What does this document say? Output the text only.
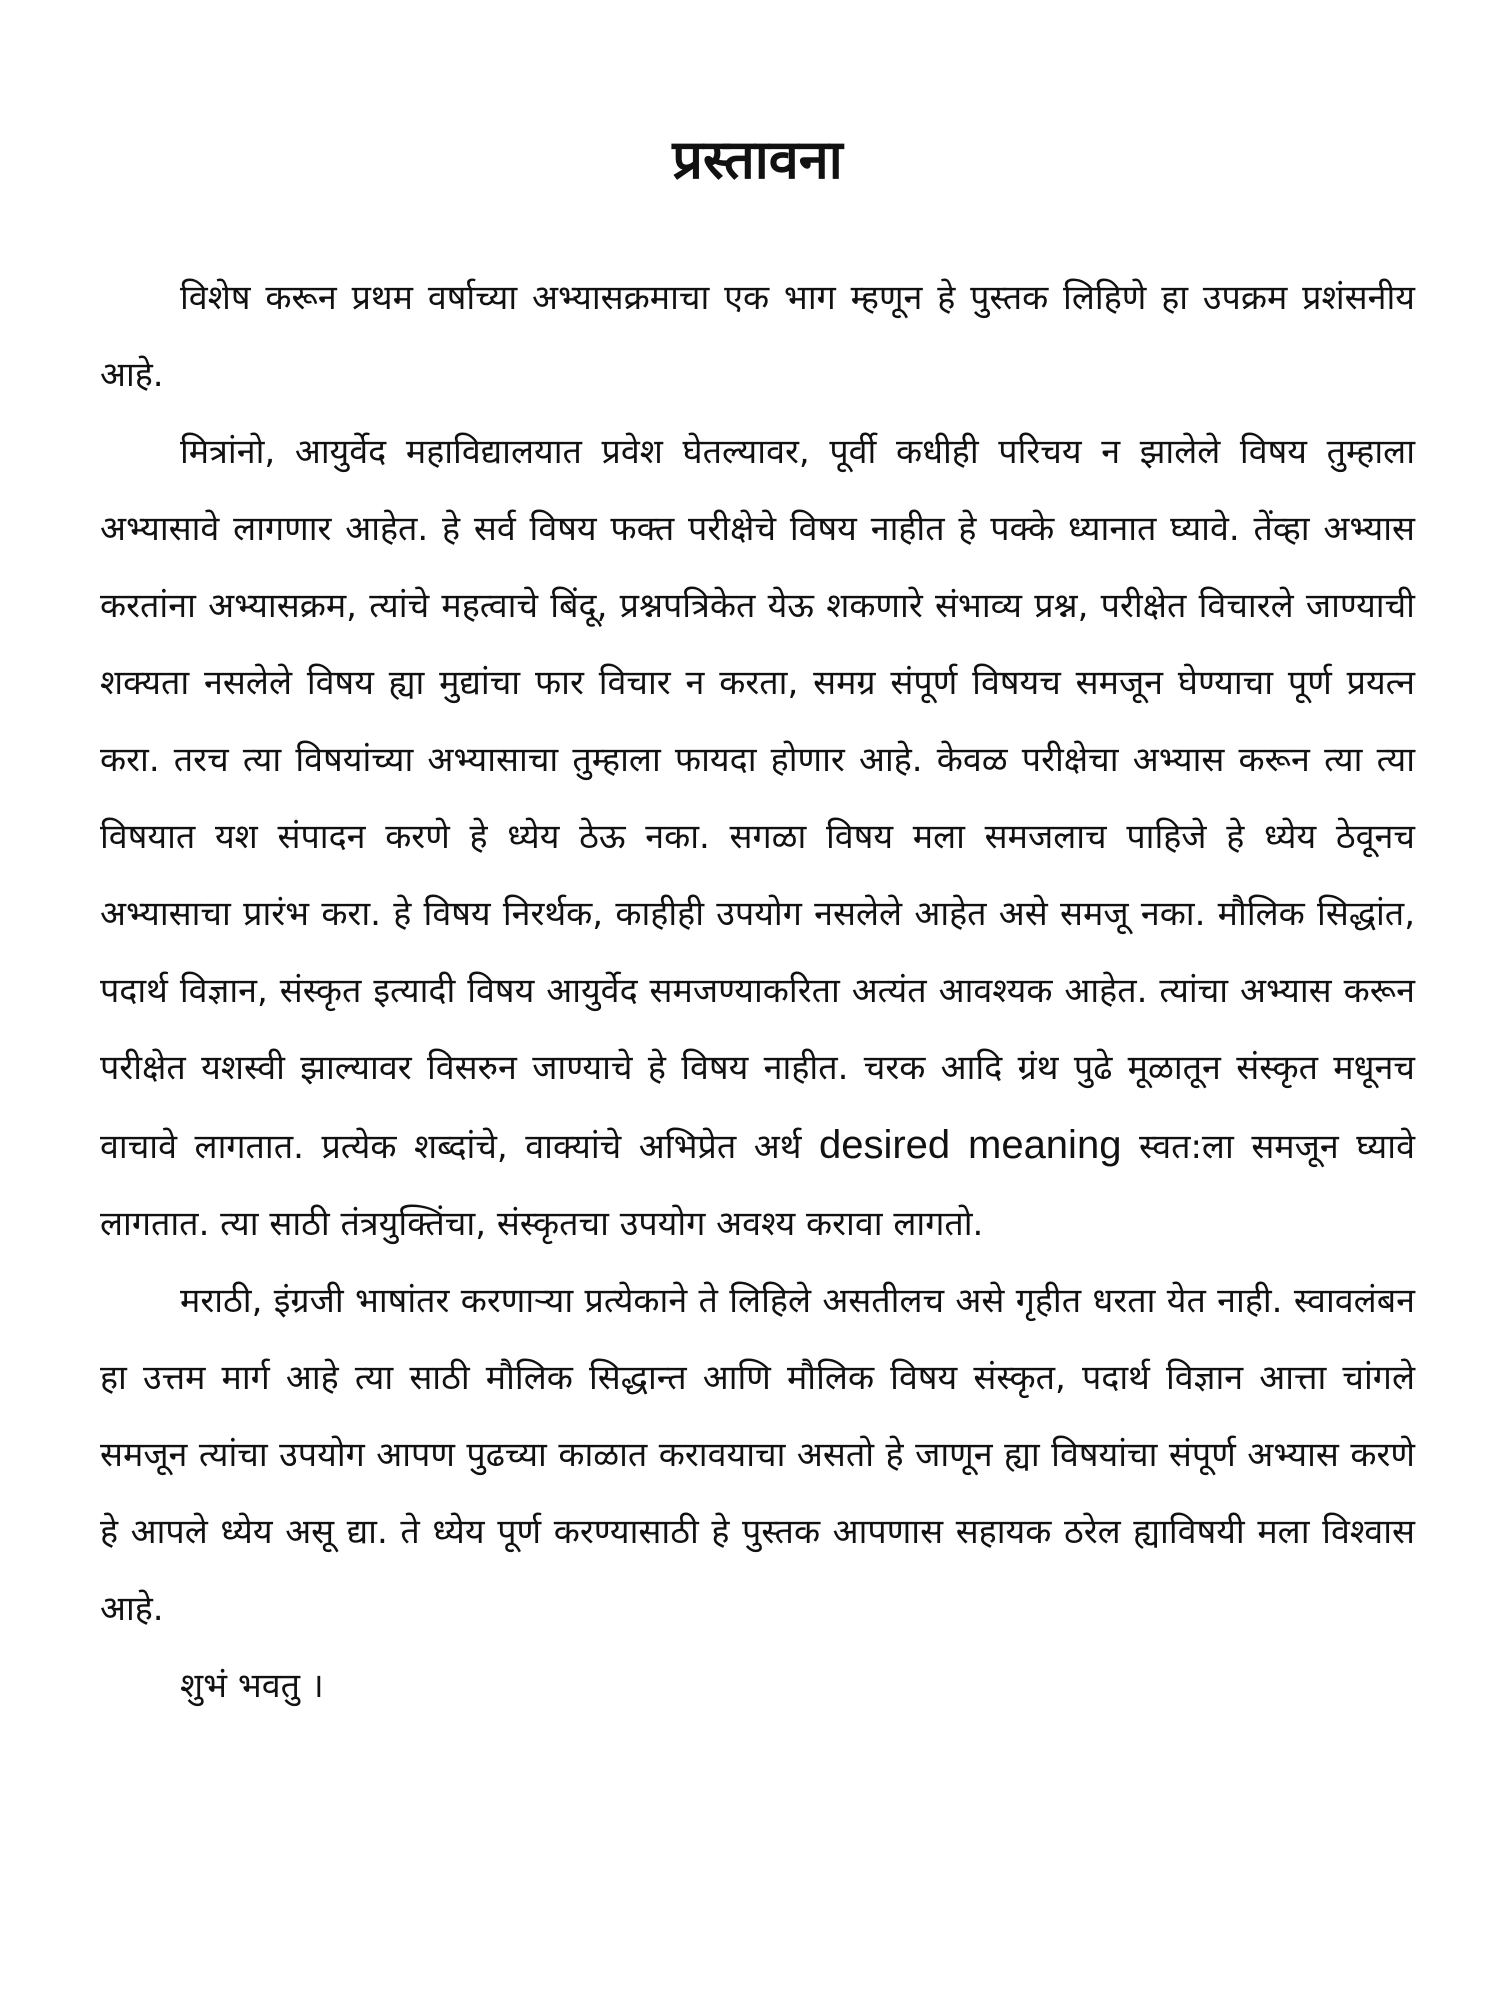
प्रस्तावना

विशेष करून प्रथम वर्षाच्या अभ्यासक्रमाचा एक भाग म्हणून हे पुस्तक लिहिणे हा उपक्रम प्रशंसनीय आहे.

मित्रांनो, आयुर्वेद महाविद्यालयात प्रवेश घेतल्यावर, पूर्वी कधीही परिचय न झालेले विषय तुम्हाला अभ्यासावे लागणार आहेत. हे सर्व विषय फक्त परीक्षेचे विषय नाहीत हे पक्के ध्यानात घ्यावे. तेंव्हा अभ्यास करतांना अभ्यासक्रम, त्यांचे महत्वाचे बिंदू, प्रश्नपत्रिकेत येऊ शकणारे संभाव्य प्रश्न, परीक्षेत विचारले जाण्याची शक्यता नसलेले विषय ह्या मुद्यांचा फार विचार न करता, समग्र संपूर्ण विषयच समजून घेण्याचा पूर्ण प्रयत्न करा. तरच त्या विषयांच्या अभ्यासाचा तुम्हाला फायदा होणार आहे. केवळ परीक्षेचा अभ्यास करून त्या त्या विषयात यश संपादन करणे हे ध्येय ठेऊ नका. सगळा विषय मला समजलाच पाहिजे हे ध्येय ठेवूनच अभ्यासाचा प्रारंभ करा. हे विषय निरर्थक, काहीही उपयोग नसलेले आहेत असे समजू नका. मौलिक सिद्धांत, पदार्थ विज्ञान, संस्कृत इत्यादी विषय आयुर्वेद समजण्याकरिता अत्यंत आवश्यक आहेत. त्यांचा अभ्यास करून परीक्षेत यशस्वी झाल्यावर विसरुन जाण्याचे हे विषय नाहीत. चरक आदि ग्रंथ पुढे मूळातून संस्कृत मधूनच वाचावे लागतात. प्रत्येक शब्दांचे, वाक्यांचे अभिप्रेत अर्थ desired meaning स्वत:ला समजून घ्यावे लागतात. त्या साठी तंत्रयुक्तिंचा, संस्कृतचा उपयोग अवश्य करावा लागतो.

मराठी, इंग्रजी भाषांतर करणाऱ्या प्रत्येकाने ते लिहिले असतीलच असे गृहीत धरता येत नाही. स्वावलंबन हा उत्तम मार्ग आहे त्या साठी मौलिक सिद्धान्त आणि मौलिक विषय संस्कृत, पदार्थ विज्ञान आत्ता चांगले समजून त्यांचा उपयोग आपण पुढच्या काळात करावयाचा असतो हे जाणून ह्या विषयांचा संपूर्ण अभ्यास करणे हे आपले ध्येय असू द्या. ते ध्येय पूर्ण करण्यासाठी हे पुस्तक आपणास सहायक ठरेल ह्याविषयी मला विश्वास आहे.

शुभं भवतु ।
